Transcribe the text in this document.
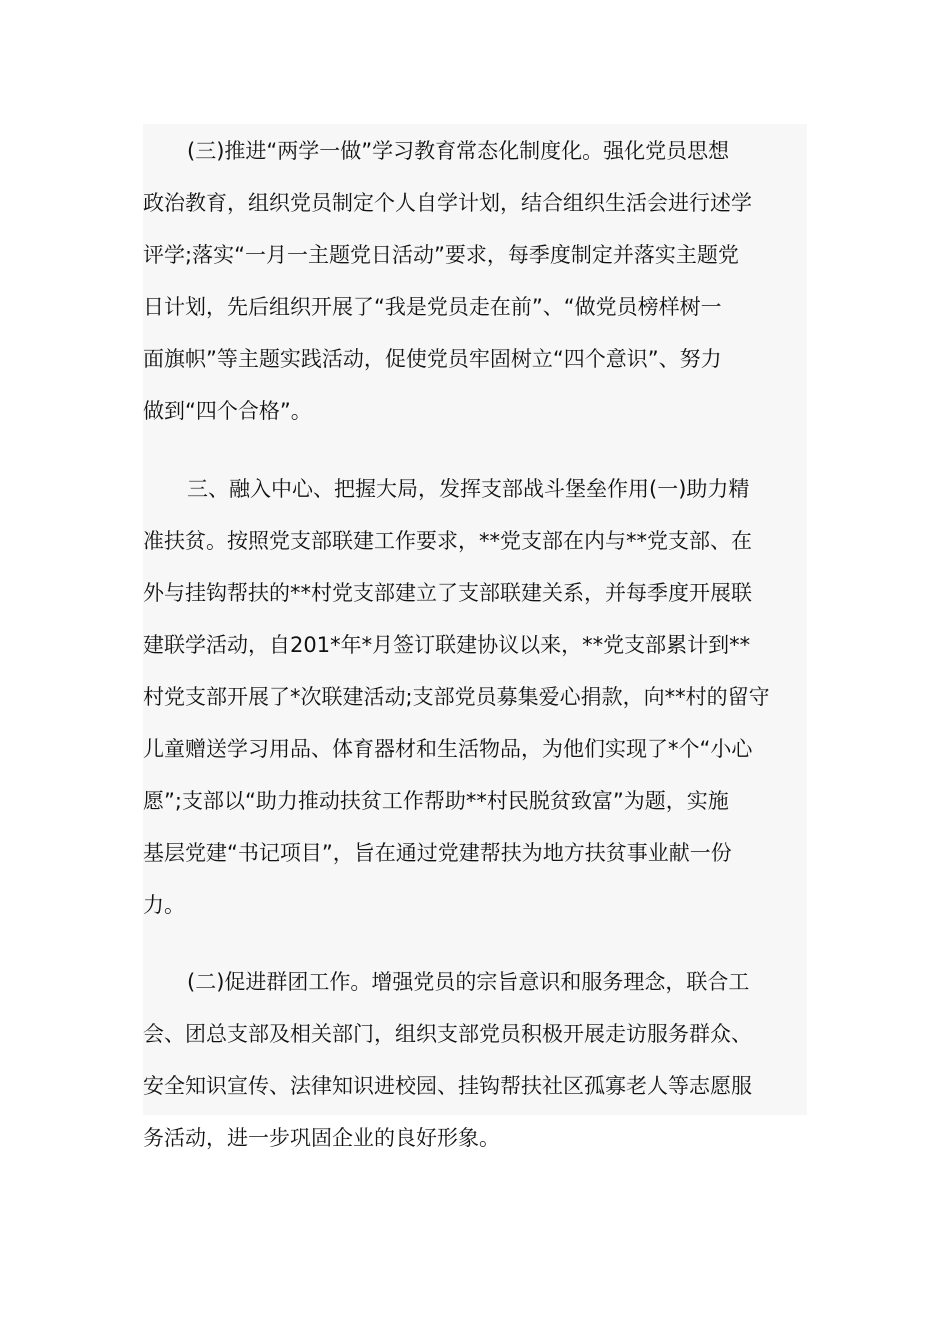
(三)推进“两学一做”学习教育常态化制度化。强化党员思想
政治教育，组织党员制定个人自学计划，结合组织生活会进行述学
评学;落实“一月一主题党日活动”要求，每季度制定并落实主题党
日计划，先后组织开展了“我是党员走在前”、“做党员榜样树一
面旗帜”等主题实践活动，促使党员牢固树立“四个意识”、努力
做到“四个合格”。
三、融入中心、把握大局，发挥支部战斗堡垒作用(一)助力精
准扶贫。按照党支部联建工作要求，**党支部在内与**党支部、在
外与挂钩帮扶的**村党支部建立了支部联建关系，并每季度开展联
建联学活动，自201*年*月签订联建协议以来，**党支部累计到**
村党支部开展了*次联建活动;支部党员募集爱心捐款，向**村的留守
儿童赠送学习用品、体育器材和生活物品，为他们实现了*个“小心
愿”;支部以“助力推动扶贫工作帮助**村民脱贫致富”为题，实施
基层党建“书记项目”，旨在通过党建帮扶为地方扶贫事业献一份
力。
(二)促进群团工作。增强党员的宗旨意识和服务理念，联合工
会、团总支部及相关部门，组织支部党员积极开展走访服务群众、
安全知识宣传、法律知识进校园、挂钩帮扶社区孤寡老人等志愿服
务活动，进一步巩固企业的良好形象。
